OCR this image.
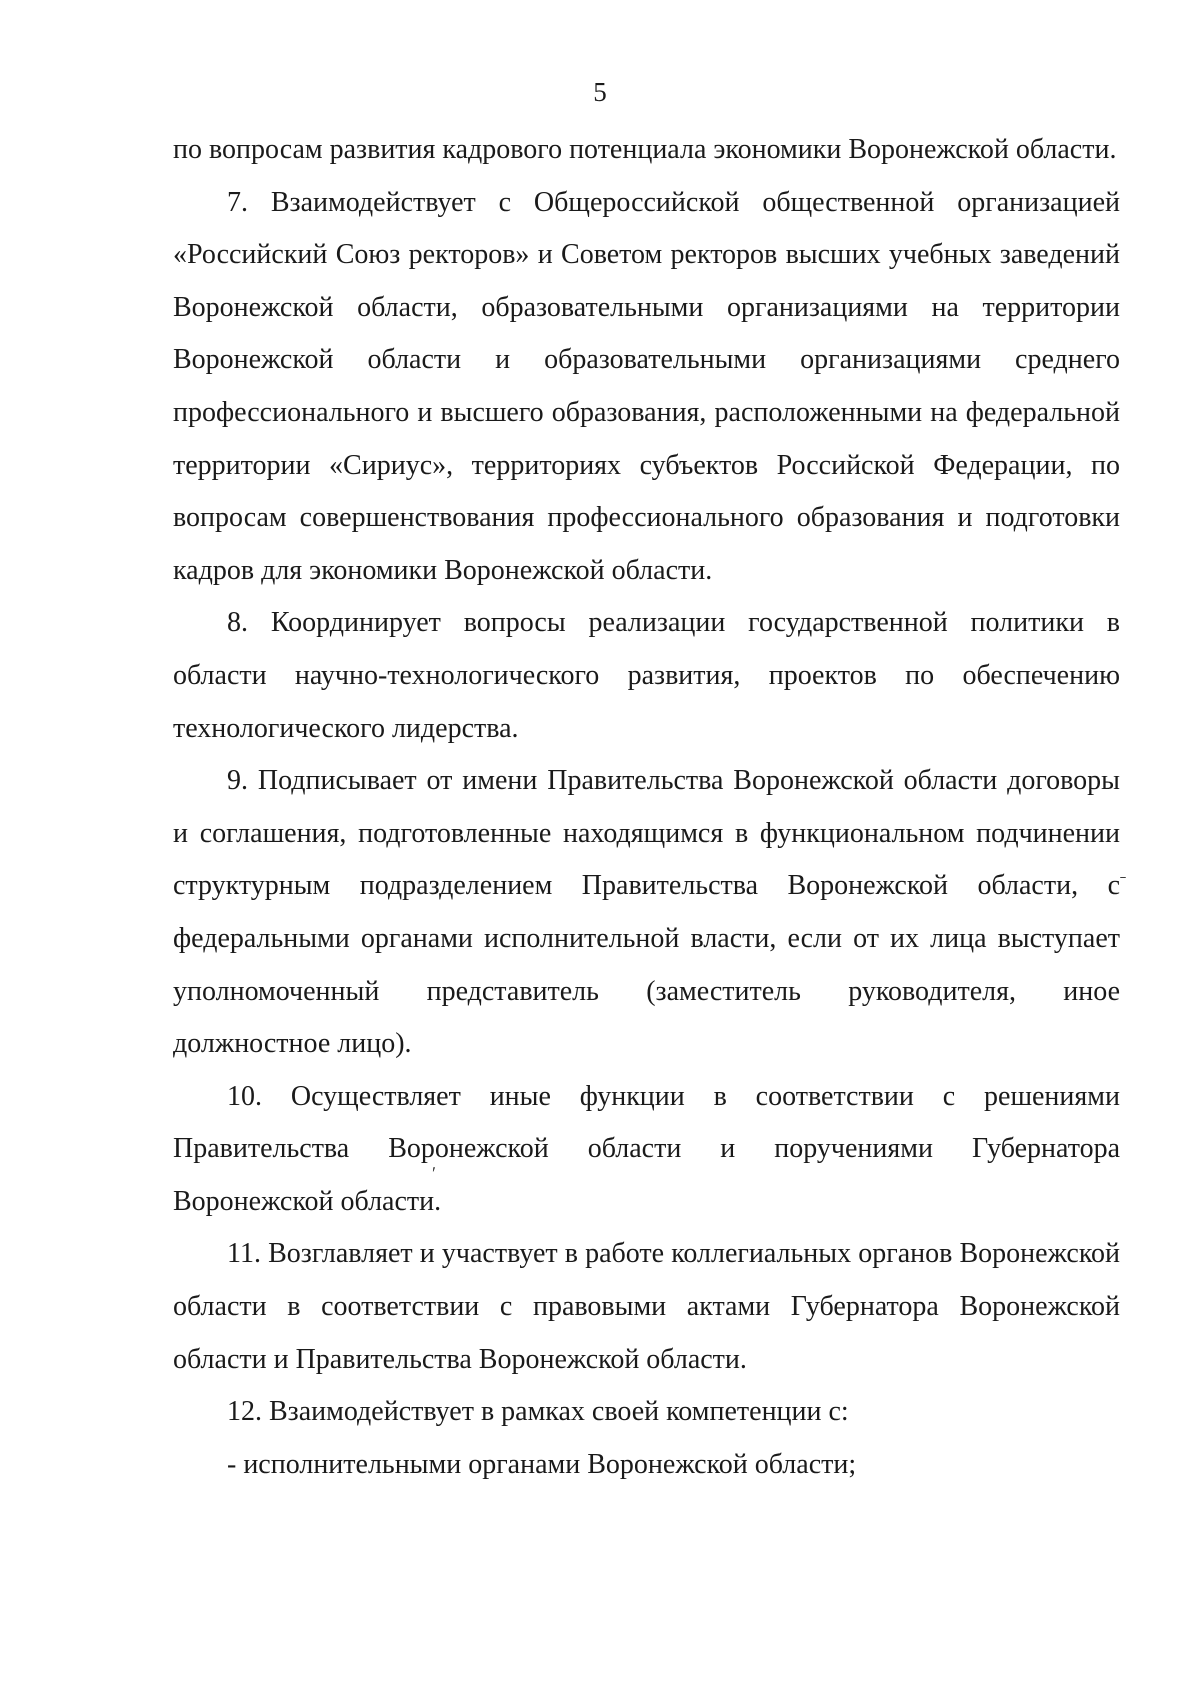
5

по вопросам развития кадрового потенциала экономики Воронежской области.

7. Взаимодействует с Общероссийской общественной организацией «Российский Союз ректоров» и Советом ректоров высших учебных заведений Воронежской области, образовательными организациями на территории Воронежской области и образовательными организациями среднего профессионального и высшего образования, расположенными на федеральной территории «Сириус», территориях субъектов Российской Федерации, по вопросам совершенствования профессионального образования и подготовки кадров для экономики Воронежской области.

8. Координирует вопросы реализации государственной политики в области научно-технологического развития, проектов по обеспечению технологического лидерства.

9. Подписывает от имени Правительства Воронежской области договоры и соглашения, подготовленные находящимся в функциональном подчинении структурным подразделением Правительства Воронежской области, с федеральными органами исполнительной власти, если от их лица выступает уполномоченный представитель (заместитель руководителя, иное должностное лицо).

10. Осуществляет иные функции в соответствии с решениями Правительства Воронежской области и поручениями Губернатора Воронежской области.

11. Возглавляет и участвует в работе коллегиальных органов Воронежской области в соответствии с правовыми актами Губернатора Воронежской области и Правительства Воронежской области.

12. Взаимодействует в рамках своей компетенции с:

- исполнительными органами Воронежской области;

ˉ
ʹ
